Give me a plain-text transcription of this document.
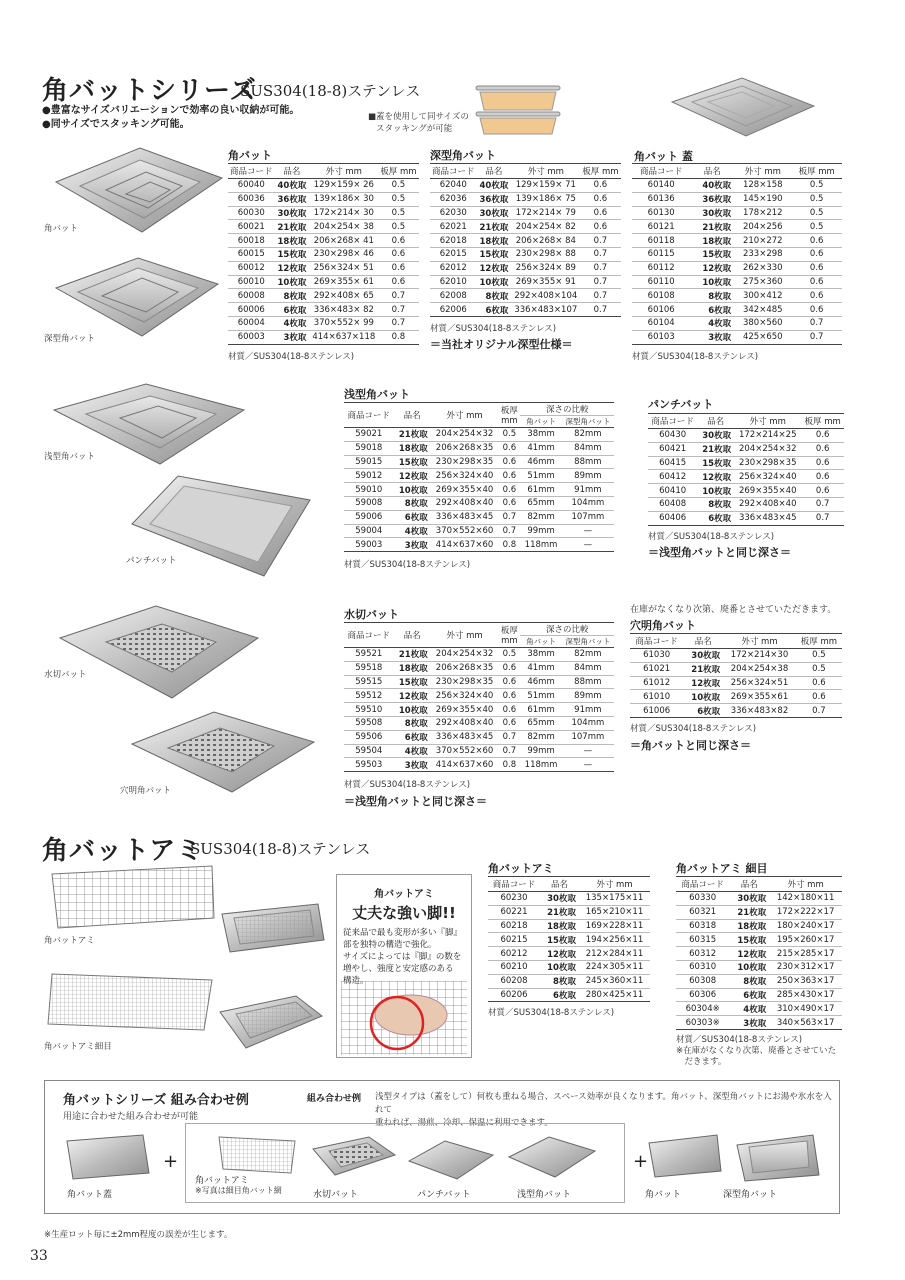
角バットシリーズ
SUS304(18-8)ステンレス
●豊富なサイズバリエーションで効率の良い収納が可能。
●同サイズでスタッキング可能。
■蓋を使用して同サイズの
スタッキングが可能
角バット
深型角バット
浅型角バット
パンチバット
水切バット
穴明角バット
角バット
商品コード	品名	外寸 mm	板厚 mm
60040	40枚取	129×159× 26	0.5
60036	36枚取	139×186× 30	0.5
60030	30枚取	172×214× 30	0.5
60021	21枚取	204×254× 38	0.5
60018	18枚取	206×268× 41	0.6
60015	15枚取	230×298× 46	0.6
60012	12枚取	256×324× 51	0.6
60010	10枚取	269×355× 61	0.6
60008	8枚取	292×408× 65	0.7
60006	6枚取	336×483× 82	0.7
60004	4枚取	370×552× 99	0.7
60003	3枚取	414×637×118	0.8
材質／SUS304(18-8ステンレス)
深型角バット
商品コード	品名	外寸 mm	板厚 mm
62040	40枚取	129×159× 71	0.6
62036	36枚取	139×186× 75	0.6
62030	30枚取	172×214× 79	0.6
62021	21枚取	204×254× 82	0.6
62018	18枚取	206×268× 84	0.7
62015	15枚取	230×298× 88	0.7
62012	12枚取	256×324× 89	0.7
62010	10枚取	269×355× 91	0.7
62008	8枚取	292×408×104	0.7
62006	6枚取	336×483×107	0.7
材質／SUS304(18-8ステンレス)
＝当社オリジナル深型仕様＝
角バット 蓋
商品コード	品名	外寸 mm	板厚 mm
60140	40枚取	128×158	0.5
60136	36枚取	145×190	0.5
60130	30枚取	178×212	0.5
60121	21枚取	204×256	0.5
60118	18枚取	210×272	0.6
60115	15枚取	233×298	0.6
60112	12枚取	262×330	0.6
60110	10枚取	275×360	0.6
60108	8枚取	300×412	0.6
60106	6枚取	342×485	0.6
60104	4枚取	380×560	0.7
60103	3枚取	425×650	0.7
材質／SUS304(18-8ステンレス)
浅型角バット
商品コード	品名	外寸 mm	板厚 mm	深さの比較	
				角バット	深型角バット
59021	21枚取	204×254×32	0.5	38mm	82mm
59018	18枚取	206×268×35	0.6	41mm	84mm
59015	15枚取	230×298×35	0.6	46mm	88mm
59012	12枚取	256×324×40	0.6	51mm	89mm
59010	10枚取	269×355×40	0.6	61mm	91mm
59008	8枚取	292×408×40	0.6	65mm	104mm
59006	6枚取	336×483×45	0.7	82mm	107mm
59004	4枚取	370×552×60	0.7	99mm	—
59003	3枚取	414×637×60	0.8	118mm	—
材質／SUS304(18-8ステンレス)
パンチバット
商品コード	品名	外寸 mm	板厚 mm
60430	30枚取	172×214×25	0.6
60421	21枚取	204×254×32	0.6
60415	15枚取	230×298×35	0.6
60412	12枚取	256×324×40	0.6
60410	10枚取	269×355×40	0.6
60408	8枚取	292×408×40	0.7
60406	6枚取	336×483×45	0.7
材質／SUS304(18-8ステンレス)
＝浅型角バットと同じ深さ＝
水切バット
商品コード	品名	外寸 mm	板厚 mm	深さの比較	
				角バット	深型角バット
59521	21枚取	204×254×32	0.5	38mm	82mm
59518	18枚取	206×268×35	0.6	41mm	84mm
59515	15枚取	230×298×35	0.6	46mm	88mm
59512	12枚取	256×324×40	0.6	51mm	89mm
59510	10枚取	269×355×40	0.6	61mm	91mm
59508	8枚取	292×408×40	0.6	65mm	104mm
59506	6枚取	336×483×45	0.7	82mm	107mm
59504	4枚取	370×552×60	0.7	99mm	—
59503	3枚取	414×637×60	0.8	118mm	—
材質／SUS304(18-8ステンレス)
＝浅型角バットと同じ深さ＝
在庫がなくなり次第、廃番とさせていただきます。
穴明角バット
商品コード	品名	外寸 mm	板厚 mm
61030	30枚取	172×214×30	0.5
61021	21枚取	204×254×38	0.5
61012	12枚取	256×324×51	0.6
61010	10枚取	269×355×61	0.6
61006	6枚取	336×483×82	0.7
材質／SUS304(18-8ステンレス)
＝角バットと同じ深さ＝
角バットアミ
SUS304(18-8)ステンレス
角バットアミ
角バットアミ細目
角バットアミ
丈夫な強い脚!!
従来品で最も変形が多い『脚』
部を独特の構造で強化。
サイズによっては『脚』の数を
増やし、強度と安定感のある
角バットアミ
商品コード	品名	外寸 mm
60230	30枚取	135×175×11
60221	21枚取	165×210×11
60218	18枚取	169×228×11
60215	15枚取	194×256×11
60212	12枚取	212×284×11
60210	10枚取	224×305×11
60208	8枚取	245×360×11
60206	6枚取	280×425×11
材質／SUS304(18-8ステンレス)
角バットアミ 細目
商品コード	品名	外寸 mm
60330	30枚取	142×180×11
60321	21枚取	172×222×17
60318	18枚取	180×240×17
60315	15枚取	195×260×17
60312	12枚取	215×285×17
60310	10枚取	230×312×17
60308	8枚取	250×363×17
60306	6枚取	285×430×17
60304※	4枚取	310×490×17
60303※	3枚取	340×563×17
材質／SUS304(18-8ステンレス)
※在庫がなくなり次第、廃番とさせていた
　だきます。
角バットシリーズ 組み合わせ例
用途に合わせた組み合わせが可能
組み合わせ例 浅型タイプは（蓋をして）何枚も重ねる場合、スペース効率が良くなります。角バット、深型角バットにお湯や氷水を入れて
重ねれば、湯煎、冷却、保温に利用できます。
角バット蓋
+
角バットアミ
※写真は細目角バット網	水切バット	パンチバット	浅型角バット
+
角バット	深型角バット
※生産ロット毎に±2mm程度の誤差が生じます。
33
